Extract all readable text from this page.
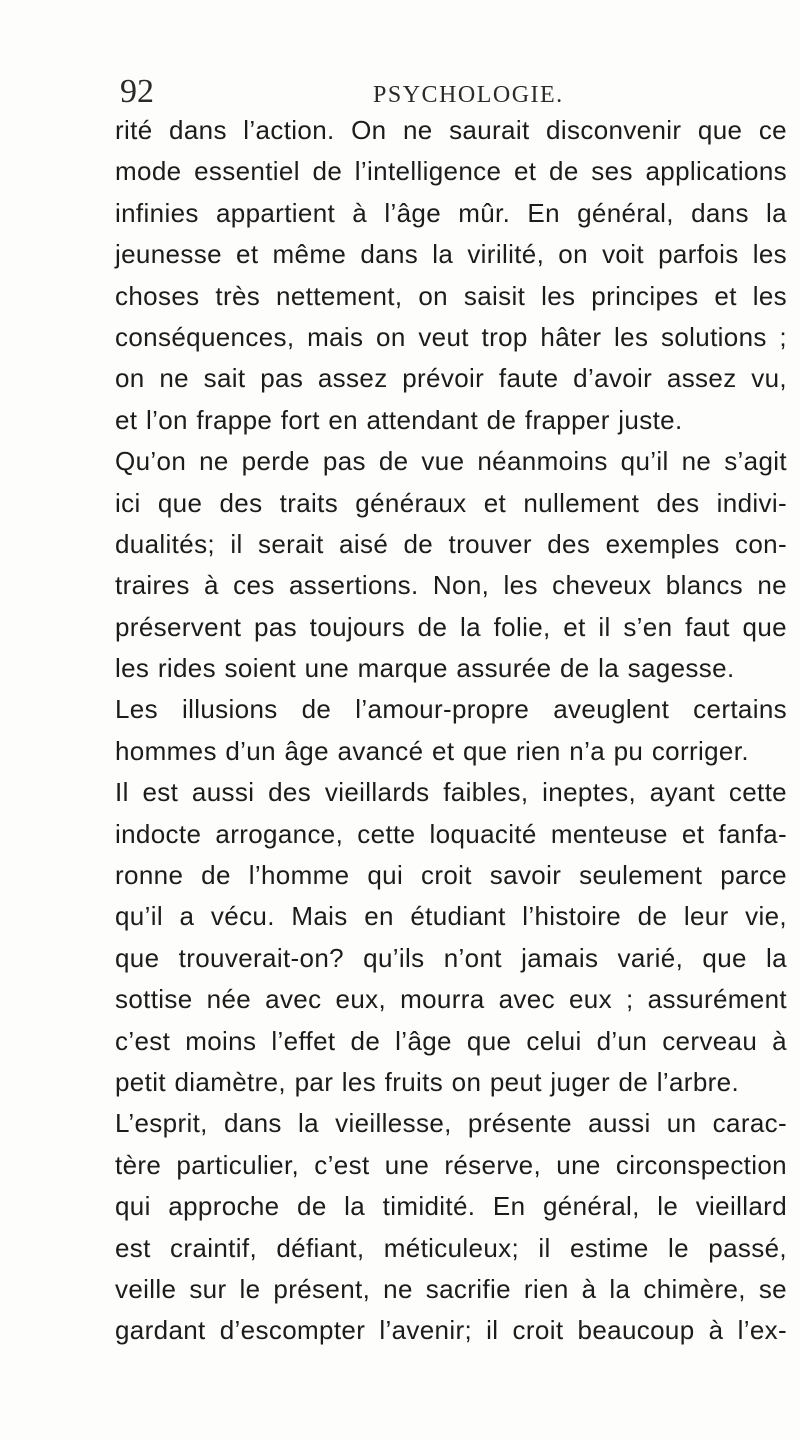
92	PSYCHOLOGIE.
rité dans l’action. On ne saurait disconvenir que ce
mode essentiel de l’intelligence et de ses applications
infinies appartient à l’âge mûr. En général, dans la
jeunesse et même dans la virilité, on voit parfois les
choses très nettement, on saisit les principes et les
conséquences, mais on veut trop hâter les solutions ;
on ne sait pas assez prévoir faute d’avoir assez vu,
et l’on frappe fort en attendant de frapper juste.
Qu’on ne perde pas de vue néanmoins qu’il ne s’agit
ici que des traits généraux et nullement des indivi-
dualités; il serait aisé de trouver des exemples con-
traires à ces assertions. Non, les cheveux blancs ne
préservent pas toujours de la folie, et il s’en faut que
les rides soient une marque assurée de la sagesse.
Les illusions de l’amour-propre aveuglent certains
hommes d’un âge avancé et que rien n’a pu corriger.
Il est aussi des vieillards faibles, ineptes, ayant cette
indocte arrogance, cette loquacité menteuse et fanfa-
ronne de l’homme qui croit savoir seulement parce
qu’il a vécu. Mais en étudiant l’histoire de leur vie,
que trouverait-on? qu’ils n’ont jamais varié, que la
sottise née avec eux, mourra avec eux ; assurément
c’est moins l’effet de l’âge que celui d’un cerveau à
petit diamètre, par les fruits on peut juger de l’arbre.
L’esprit, dans la vieillesse, présente aussi un carac-
tère particulier, c’est une réserve, une circonspection
qui approche de la timidité. En général, le vieillard
est craintif, défiant, méticuleux; il estime le passé,
veille sur le présent, ne sacrifie rien à la chimère, se
gardant d’escompter l’avenir; il croit beaucoup à l’ex-
